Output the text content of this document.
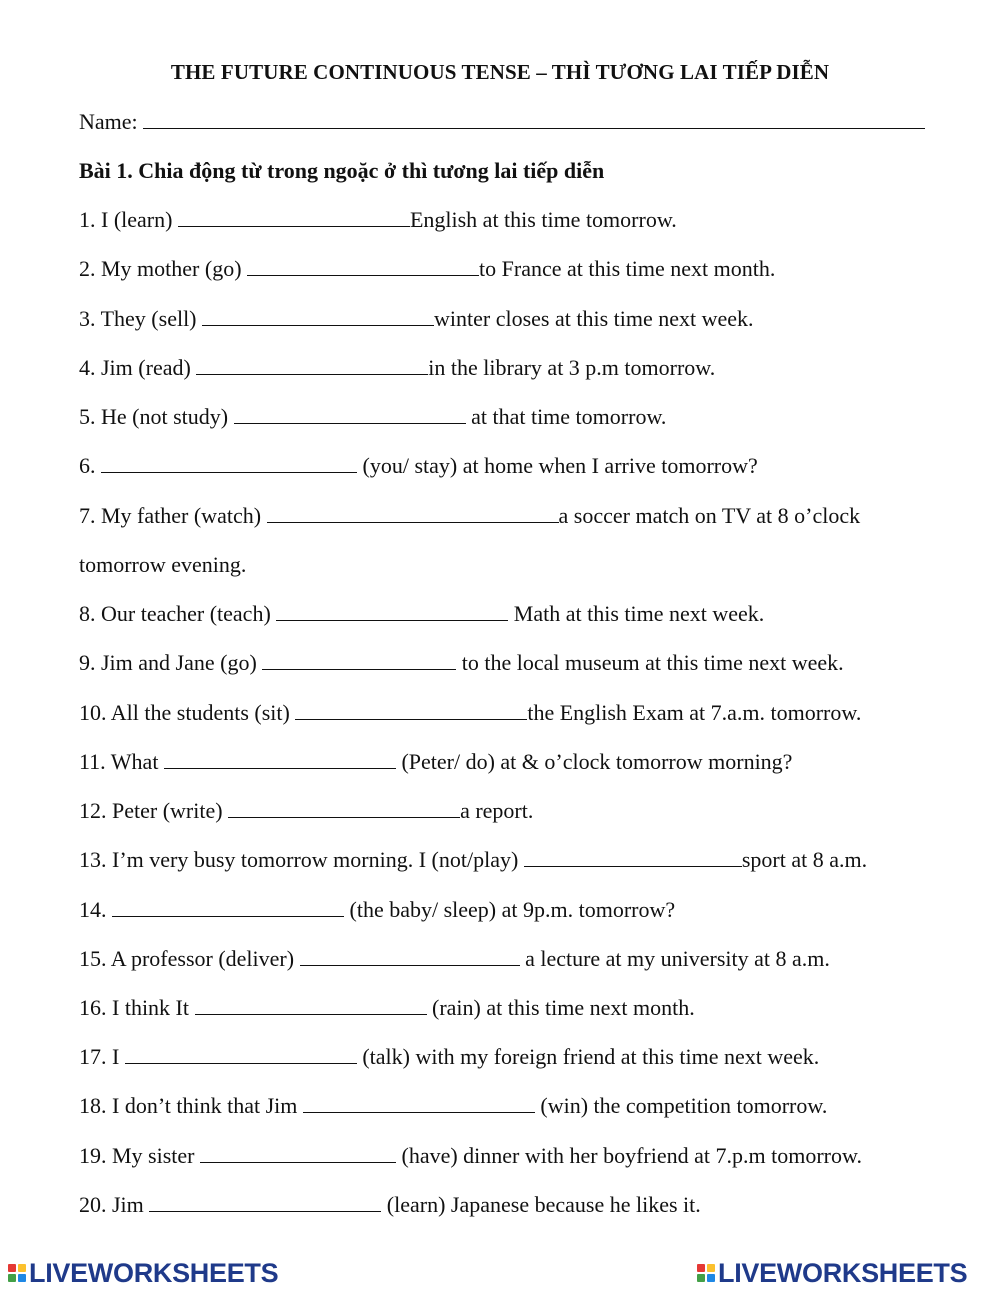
THE FUTURE CONTINUOUS TENSE – THÌ TƯƠNG LAI TIẾP DIỄN
Name:
Bài 1. Chia động từ trong ngoặc ở thì tương lai tiếp diễn
1. I (learn)	English at this time tomorrow.
2. My mother (go)	to France at this time next month.
3. They (sell)	winter closes at this time next week.
4. Jim (read)	in the library at 3 p.m tomorrow.
5. He (not study)	at that time tomorrow.
6.	(you/ stay) at home when I arrive tomorrow?
7. My father (watch)	a soccer match on TV at 8 o’clock
tomorrow evening.
8. Our teacher (teach)	Math at this time next week.
9. Jim and Jane (go)	to the local museum at this time next week.
10. All the students (sit)	the English Exam at 7.a.m. tomorrow.
11. What	(Peter/ do) at & o’clock tomorrow morning?
12. Peter (write)	a report.
13. I’m very busy tomorrow morning. I (not/play)	sport at 8 a.m.
14.	(the baby/ sleep) at 9p.m. tomorrow?
15. A professor (deliver)	a lecture at my university at 8 a.m.
16. I think It	(rain) at this time next month.
17. I	(talk) with my foreign friend at this time next week.
18. I don’t think that Jim	(win) the competition tomorrow.
19. My sister	(have) dinner with her boyfriend at 7.p.m tomorrow.
20. Jim	(learn) Japanese because he likes it.
LIVEWORKSHEETS	LIVEWORKSHEETS
